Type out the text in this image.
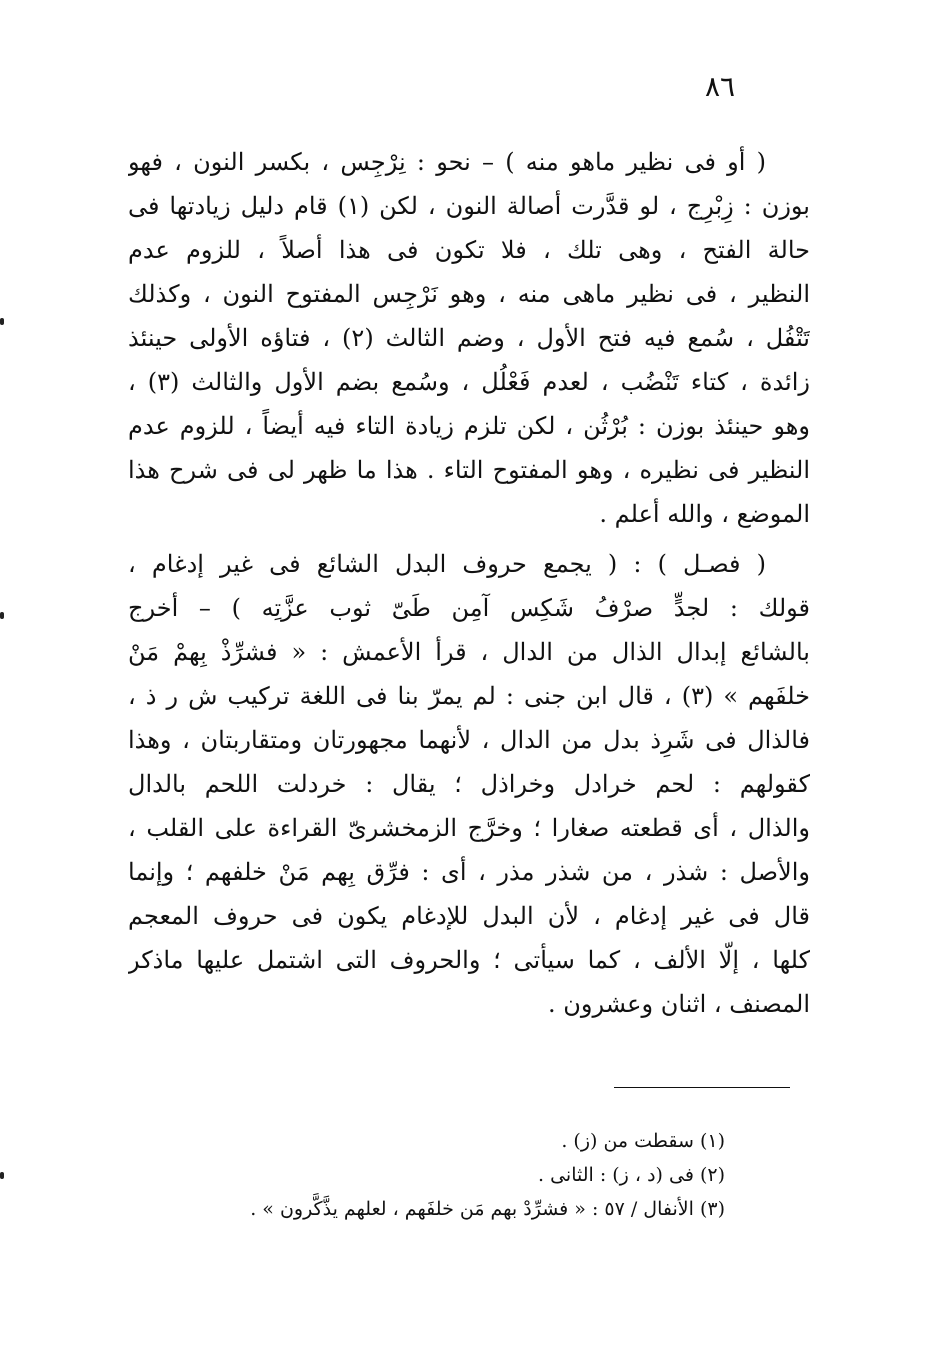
٨٦
( أو فى نظير ماهو منه ) – نحو : نِرْجِس ، بكسر النون ، فهو
بوزن : زِبْرِج ، لو قدَّرت أصالة النون ، لكن (١) قام دليل زيادتها فى
حالة الفتح ، وهى تلك ، فلا تكون فى هذا أصلاً ، للزوم عدم
النظير ، فى نظير ماهى منه ، وهو نَرْجِس المفتوح النون ، وكذلك
تَتْفُل ، سُمع فيه فتح الأول ، وضم الثالث (٢) ، فتاؤه الأولى حينئذ
زائدة ، كتاء تَنْضُب ، لعدم فَعْلُل ، وسُمع بضم الأول والثالث (٣) ،
وهو حينئذ بوزن : بُرْثُن ، لكن تلزم زيادة التاء فيه أيضاً ، للزوم عدم
النظير فى نظيره ، وهو المفتوح التاء . هذا ما ظهر لى فى شرح هذا
الموضع ، والله أعلم .
( فصـل ) : ( يجمع حروف البدل الشائع فى غير إدغام ،
قولك : لجدٍّ صرْفُ شَكِس آمِن طَىّ ثوب عزَّتِه ) – أخرج
بالشائع إبدال الذال من الدال ، قرأ الأعمش : « فشرِّذْ بِهمْ مَنْ
خلفَهم » (٣) ، قال ابن جنى : لم يمرّ بنا فى اللغة تركيب ش ر ذ ،
فالذال فى شَرِذ بدل من الدال ، لأنهما مجهورتان ومتقاربتان ، وهذا
كقولهم : لحم خرادل وخراذل ؛ يقال : خردلت اللحم بالدال
والذال ، أى قطعته صغارا ؛ وخرَّج الزمخشرىّ القراءة على القلب ،
والأصل : شذر ، من شذر مذر ، أى : فرِّق بِهم مَنْ خلفهم ؛ وإنما
قال فى غير إدغام ، لأن البدل للإدغام يكون فى حروف المعجم
كلها ، إلّا الألف ، كما سيأتى ؛ والحروف التى اشتمل عليها ماذكر
المصنف ، اثنان وعشرون .
(١) سقطت من (ز) .
(٢) فى (د ، ز) : الثانى .
(٣) الأنفال / ٥٧ : « فشرِّدْ بهم مَن خلفَهم ، لعلهم يذَّكَّرون » .
